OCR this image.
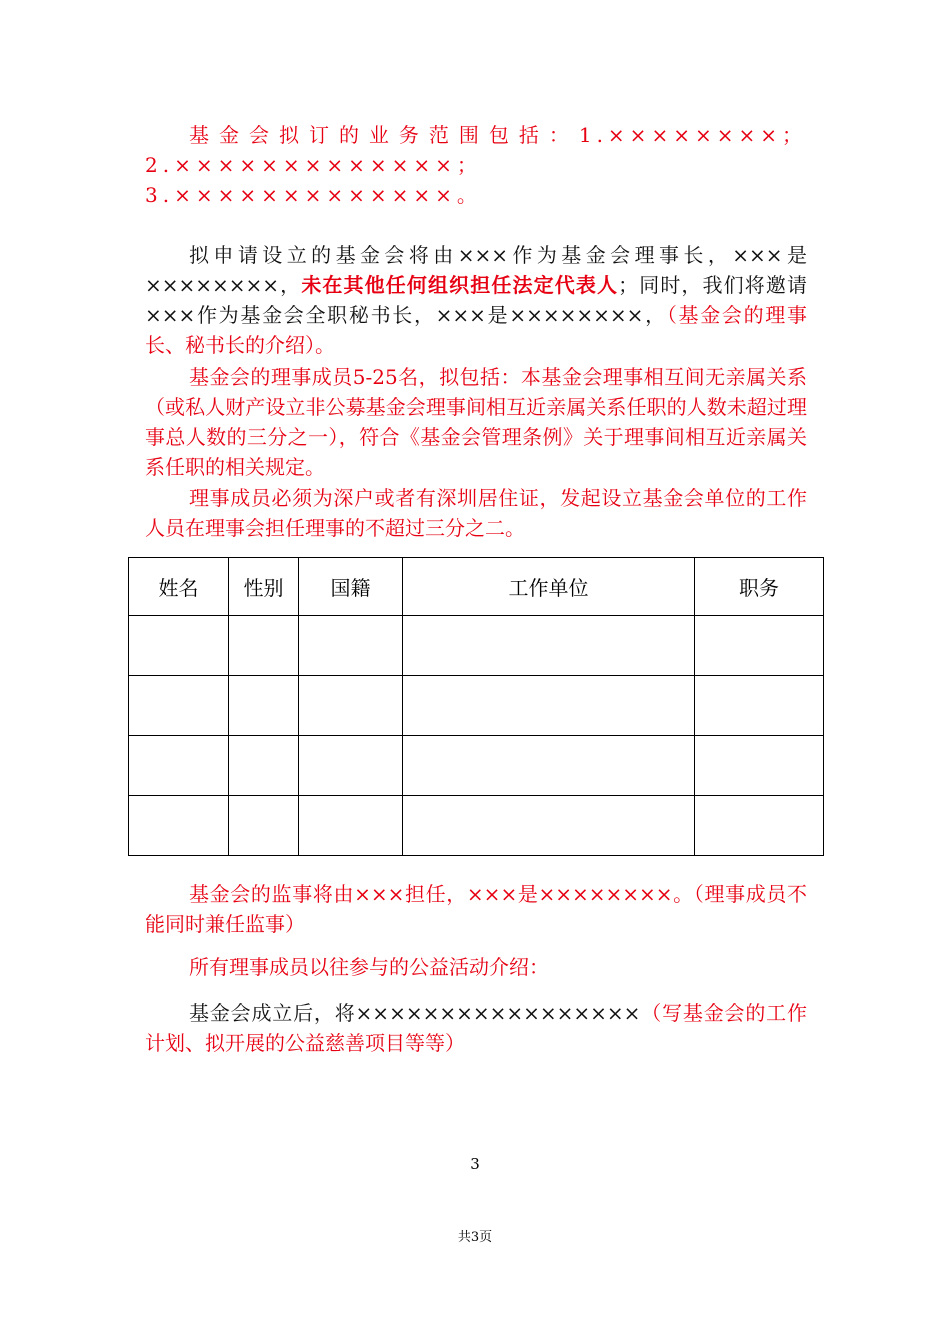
基金会拟订的业务范围包括：1.××××××××；2.×××××××××××××；3.×××××××××××××。

拟申请设立的基金会将由×××作为基金会理事长，×××是××××××××，未在其他任何组织担任法定代表人；同时，我们将邀请×××作为基金会全职秘书长，×××是××××××××，（基金会的理事长、秘书长的介绍）。

基金会的理事成员5-25名，拟包括：本基金会理事相互间无亲属关系（或私人财产设立非公募基金会理事间相互近亲属关系任职的人数未超过理事总人数的三分之一），符合《基金会管理条例》关于理事间相互近亲属关系任职的相关规定。

理事成员必须为深户或者有深圳居住证，发起设立基金会单位的工作人员在理事会担任理事的不超过三分之二。

姓名	性别	国籍	工作单位	职务

基金会的监事将由×××担任，×××是××××××××。（理事成员不能同时兼任监事）

所有理事成员以往参与的公益活动介绍：

基金会成立后，将×××××××××××××××××（写基金会的工作计划、拟开展的公益慈善项目等等）

3
共3页
